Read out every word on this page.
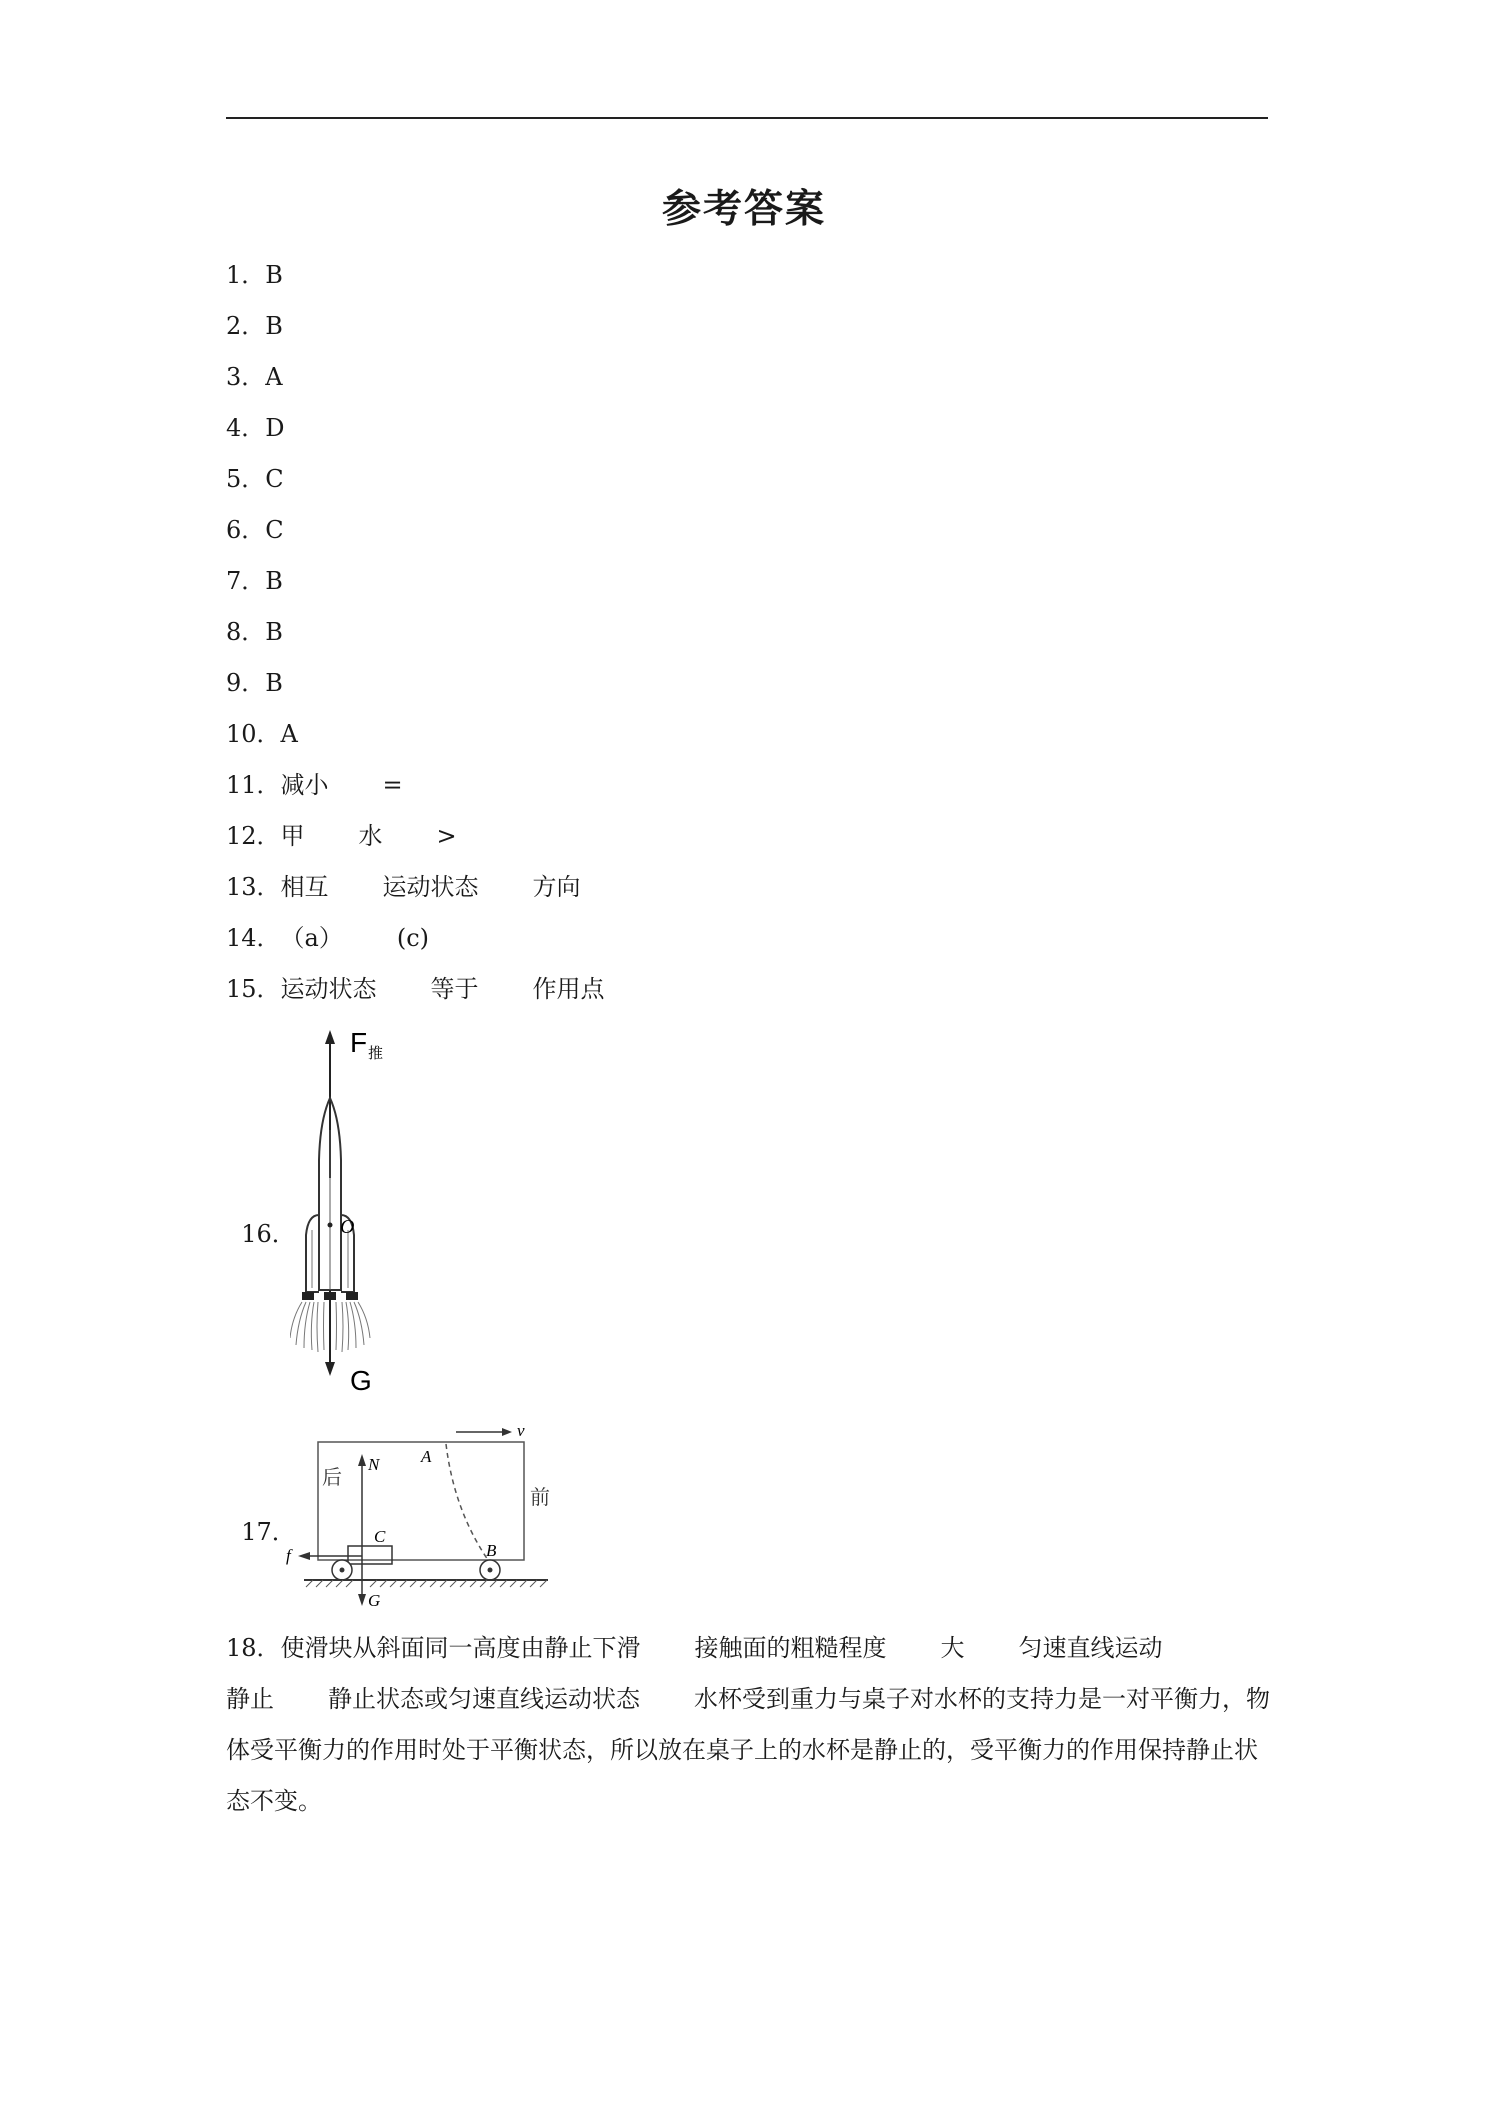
参考答案
1．B
2．B
3．A
4．D
5．C
6．C
7．B
8．B
9．B
10．A
11．减小 =
12．甲 水 >
13．相互 运动状态 方向
14．（a） (c)
15．运动状态 等于 作用点

16．

F 推
O
G

17．

v
后
前
A
B
C
N
f
G
18．使滑块从斜面同一高度由静止下滑 接触面的粗糙程度 大 匀速直线运动
静止 静止状态或匀速直线运动状态 水杯受到重力与桌子对水杯的支持力是一对平衡力，物体受平衡力的作用时处于平衡状态，所以放在桌子上的水杯是静止的，受平衡力的作用保持静止状态不变。
